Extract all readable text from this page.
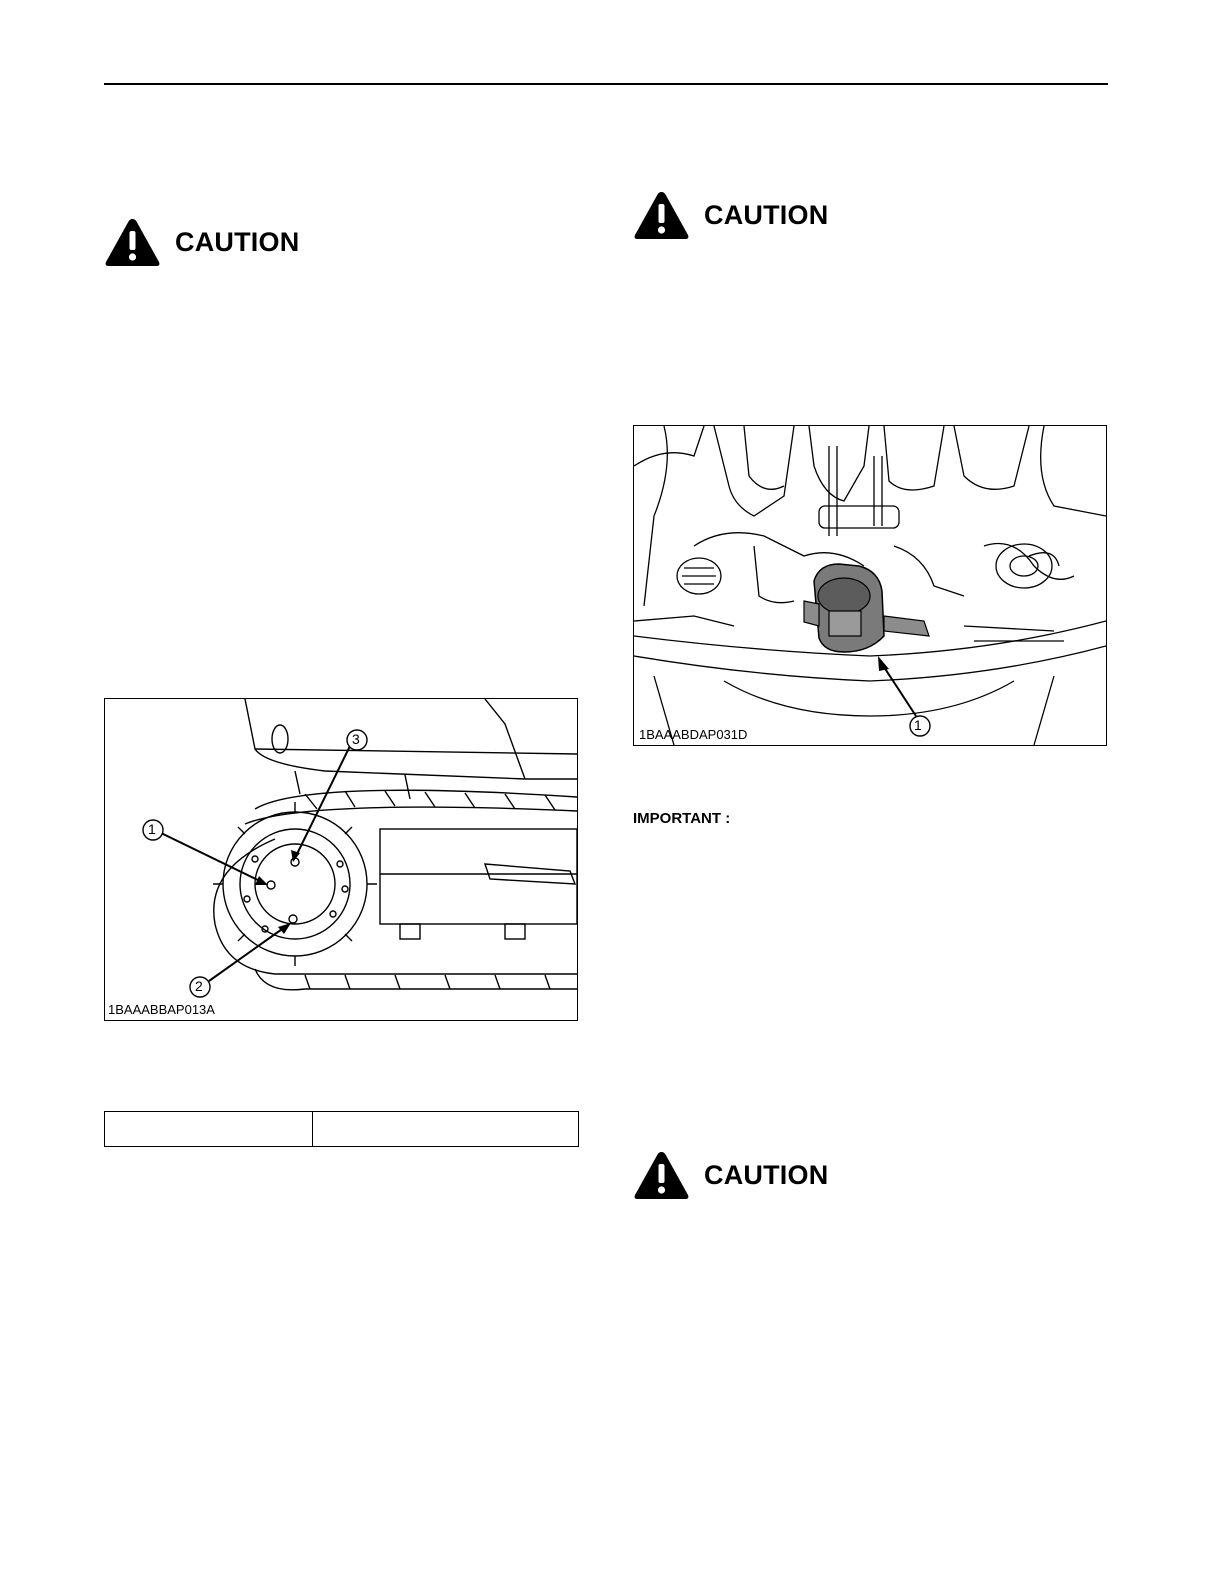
CAUTION
CAUTION
CAUTION
1
1BAAABDAP031D
IMPORTANT :
1
2
3
1BAAABBAP013A
